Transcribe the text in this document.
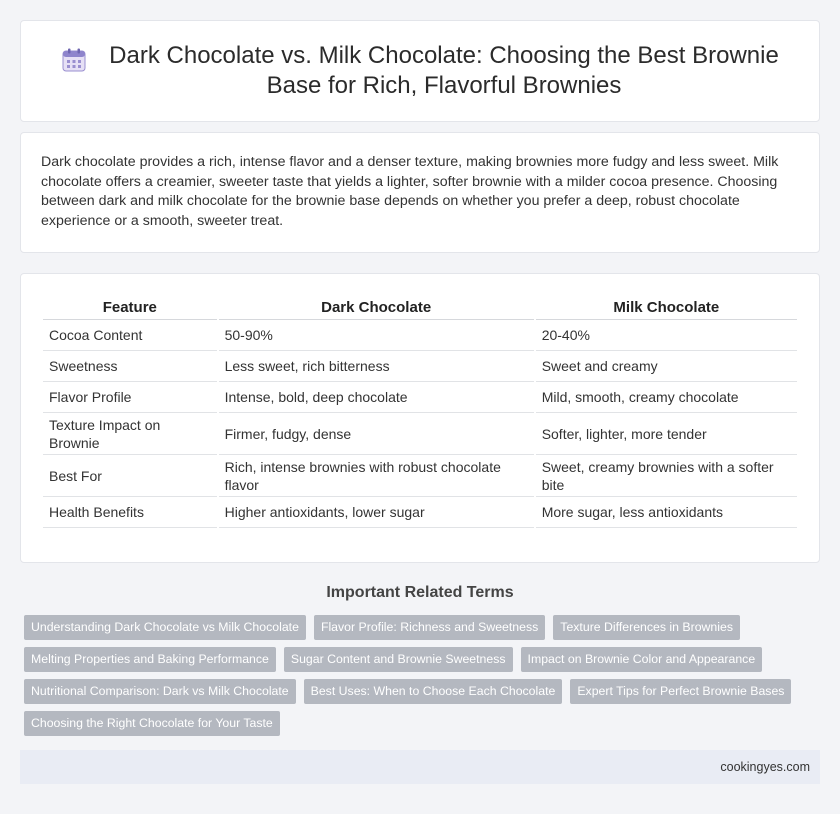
Dark Chocolate vs. Milk Chocolate: Choosing the Best Brownie Base for Rich, Flavorful Brownies

Dark chocolate provides a rich, intense flavor and a denser texture, making brownies more fudgy and less sweet. Milk chocolate offers a creamier, sweeter taste that yields a lighter, softer brownie with a milder cocoa presence. Choosing between dark and milk chocolate for the brownie base depends on whether you prefer a deep, robust chocolate experience or a smooth, sweeter treat.

Feature	Dark Chocolate	Milk Chocolate
Cocoa Content	50-90%	20-40%
Sweetness	Less sweet, rich bitterness	Sweet and creamy
Flavor Profile	Intense, bold, deep chocolate	Mild, smooth, creamy chocolate
Texture Impact on Brownie	Firmer, fudgy, dense	Softer, lighter, more tender
Best For	Rich, intense brownies with robust chocolate flavor	Sweet, creamy brownies with a softer bite
Health Benefits	Higher antioxidants, lower sugar	More sugar, less antioxidants
Important Related Terms
Understanding Dark Chocolate vs Milk Chocolate	Flavor Profile: Richness and Sweetness	Texture Differences in Brownies
Melting Properties and Baking Performance	Sugar Content and Brownie Sweetness	Impact on Brownie Color and Appearance
Nutritional Comparison: Dark vs Milk Chocolate	Best Uses: When to Choose Each Chocolate	Expert Tips for Perfect Brownie Bases
Choosing the Right Chocolate for Your Taste
cookingyes.com
